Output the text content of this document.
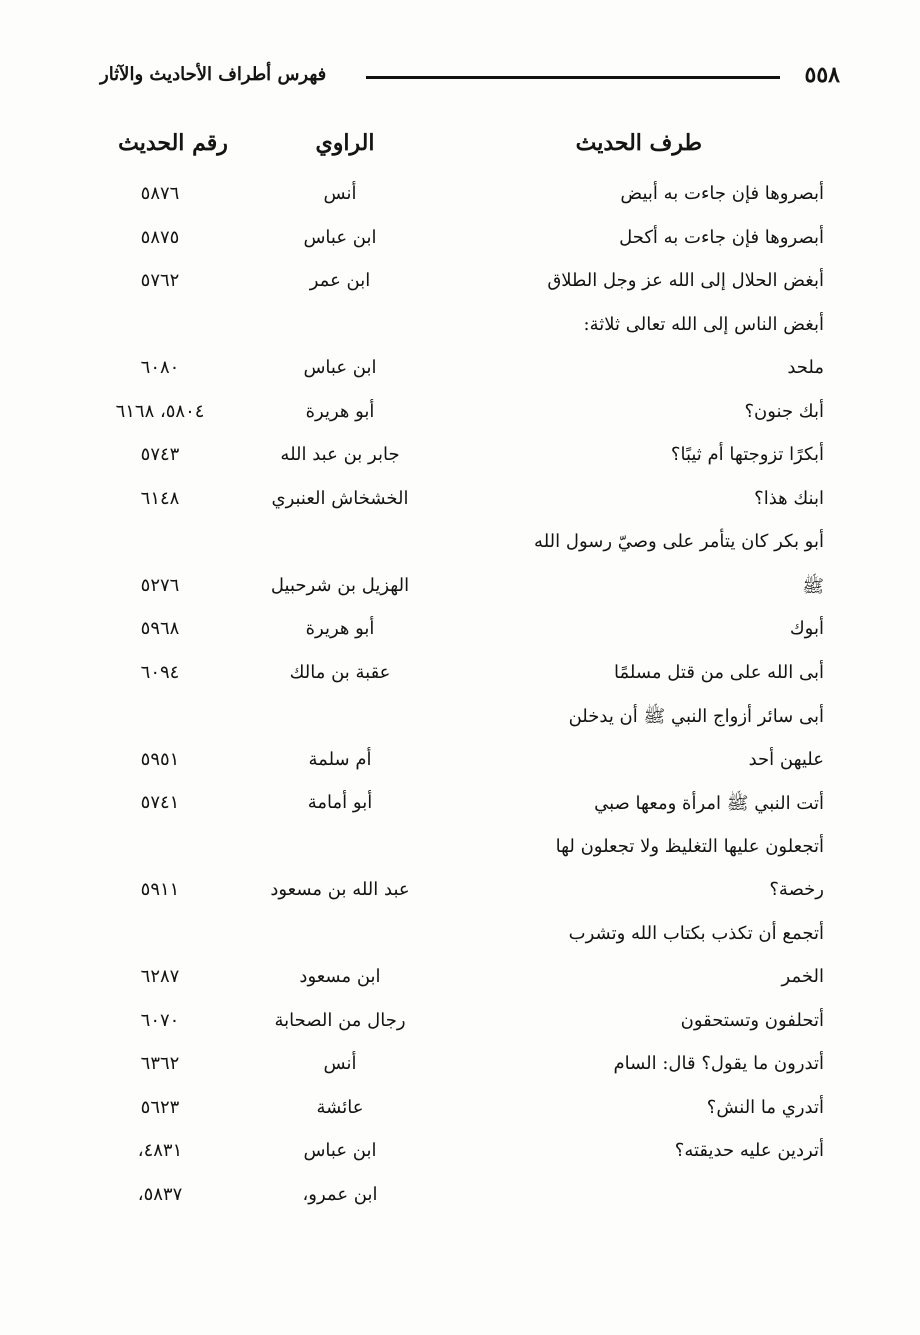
٥٥٨
فهرس أطراف الأحاديث والآثار
طرف الحديث
الراوي
رقم الحديث
أبصروها فإن جاءت به أبيض
أنس
٥٨٧٦
أبصروها فإن جاءت به أكحل
ابن عباس
٥٨٧٥
أبغض الحلال إلى الله عز وجل الطلاق
ابن عمر
٥٧٦٢
أبغض الناس إلى الله تعالى ثلاثة:
ملحد
ابن عباس
٦٠٨٠
أبك جنون؟
أبو هريرة
٥٨٠٤، ٦١٦٨
أبكرًا تزوجتها أم ثيبًا؟
جابر بن عبد الله
٥٧٤٣
ابنك هذا؟
الخشخاش العنبري
٦١٤٨
أبو بكر كان يتأمر على وصيّ رسول الله
ﷺ
الهزيل بن شرحبيل
٥٢٧٦
أبوك
أبو هريرة
٥٩٦٨
أبى الله على من قتل مسلمًا
عقبة بن مالك
٦٠٩٤
أبى سائر أزواج النبي ﷺ أن يدخلن
عليهن أحد
أم سلمة
٥٩٥١
أتت النبي ﷺ امرأة ومعها صبي
أبو أمامة
٥٧٤١
أتجعلون عليها التغليظ ولا تجعلون لها
رخصة؟
عبد الله بن مسعود
٥٩١١
أتجمع أن تكذب بكتاب الله وتشرب
الخمر
ابن مسعود
٦٢٨٧
أتحلفون وتستحقون
رجال من الصحابة
٦٠٧٠
أتدرون ما يقول؟ قال: السام
أنس
٦٣٦٢
أتدري ما النش؟
عائشة
٥٦٢٣
أتردين عليه حديقته؟
ابن عباس
٤٨٣١،
ابن عمرو،
٥٨٣٧،
